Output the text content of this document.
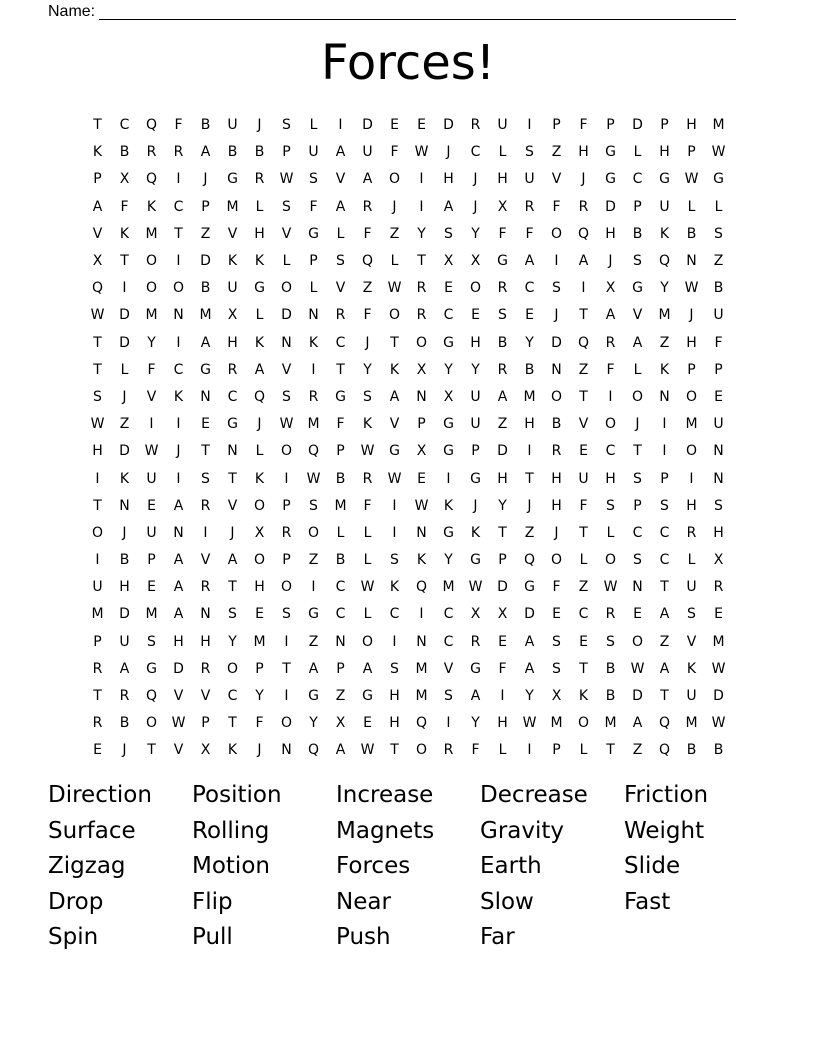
Name:
Forces!
T	C	Q	F	B	U	J	S	L	I	D	E	E	D	R	U	I	P	F	P	D	P	H	M
K	B	R	R	A	B	B	P	U	A	U	F	W	J	C	L	S	Z	H	G	L	H	P	W
P	X	Q	I	J	G	R	W	S	V	A	O	I	H	J	H	U	V	J	G	C	G	W	G
A	F	K	C	P	M	L	S	F	A	R	J	I	A	J	X	R	F	R	D	P	U	L	L
V	K	M	T	Z	V	H	V	G	L	F	Z	Y	S	Y	F	F	O	Q	H	B	K	B	S
X	T	O	I	D	K	K	L	P	S	Q	L	T	X	X	G	A	I	A	J	S	Q	N	Z
Q	I	O	O	B	U	G	O	L	V	Z	W	R	E	O	R	C	S	I	X	G	Y	W	B
W	D	M	N	M	X	L	D	N	R	F	O	R	C	E	S	E	J	T	A	V	M	J	U
T	D	Y	I	A	H	K	N	K	C	J	T	O	G	H	B	Y	D	Q	R	A	Z	H	F
T	L	F	C	G	R	A	V	I	T	Y	K	X	Y	Y	R	B	N	Z	F	L	K	P	P
S	J	V	K	N	C	Q	S	R	G	S	A	N	X	U	A	M	O	T	I	O	N	O	E
W	Z	I	I	E	G	J	W	M	F	K	V	P	G	U	Z	H	B	V	O	J	I	M	U
H	D	W	J	T	N	L	O	Q	P	W	G	X	G	P	D	I	R	E	C	T	I	O	N
I	K	U	I	S	T	K	I	W	B	R	W	E	I	G	H	T	H	U	H	S	P	I	N
T	N	E	A	R	V	O	P	S	M	F	I	W	K	J	Y	J	H	F	S	P	S	H	S
O	J	U	N	I	J	X	R	O	L	L	I	N	G	K	T	Z	J	T	L	C	C	R	H
I	B	P	A	V	A	O	P	Z	B	L	S	K	Y	G	P	Q	O	L	O	S	C	L	X
U	H	E	A	R	T	H	O	I	C	W	K	Q	M	W	D	G	F	Z	W	N	T	U	R
M	D	M	A	N	S	E	S	G	C	L	C	I	C	X	X	D	E	C	R	E	A	S	E
P	U	S	H	H	Y	M	I	Z	N	O	I	N	C	R	E	A	S	E	S	O	Z	V	M
R	A	G	D	R	O	P	T	A	P	A	S	M	V	G	F	A	S	T	B	W	A	K	W
T	R	Q	V	V	C	Y	I	G	Z	G	H	M	S	A	I	Y	X	K	B	D	T	U	D
R	B	O	W	P	T	F	O	Y	X	E	H	Q	I	Y	H	W	M	O	M	A	Q	M	W
E	J	T	V	X	K	J	N	Q	A	W	T	O	R	F	L	I	P	L	T	Z	Q	B	B
Direction	Position	Increase	Decrease	Friction
Surface	Rolling	Magnets	Gravity	Weight
Zigzag	Motion	Forces	Earth	Slide
Drop	Flip	Near	Slow	Fast
Spin	Pull	Push	Far
